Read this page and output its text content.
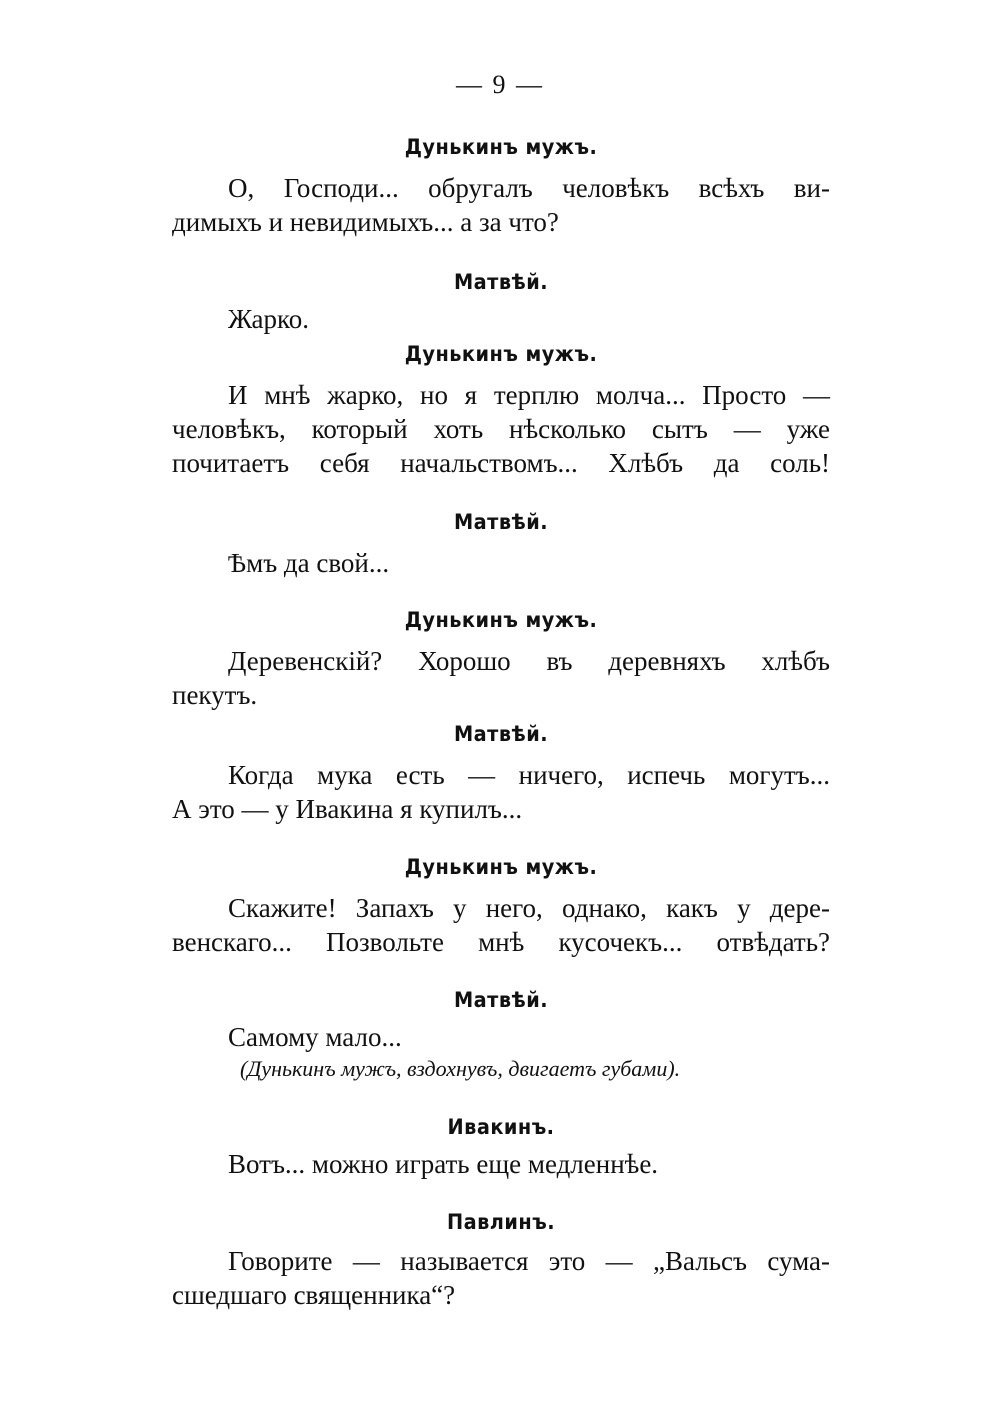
— 9 —
Дунькинъ мужъ.
О, Господи... обругалъ человѣкъ всѣхъ ви-
димыхъ и невидимыхъ... а за что?
Матвѣй.
Жарко.
Дунькинъ мужъ.
И мнѣ жарко, но я терплю молча... Просто —
человѣкъ, который хоть нѣсколько сытъ — уже
почитаетъ себя начальствомъ... Хлѣбъ да соль!
Матвѣй.
Ѣмъ да свой...
Дунькинъ мужъ.
Деревенскій? Хорошо въ деревняхъ хлѣбъ
пекутъ.
Матвѣй.
Когда мука есть — ничего, испечь могутъ...
А это — у Ивакина я купилъ...
Дунькинъ мужъ.
Скажите! Запахъ у него, однако, какъ у дере-
венскаго... Позвольте мнѣ кусочекъ... отвѣдать?
Матвѣй.
Самому мало...
(Дунькинъ мужъ, вздохнувъ, двигаетъ губами).
Ивакинъ.
Вотъ... можно играть еще медленнѣе.
Павлинъ.
Говорите — называется это — „Вальсъ сума-
сшедшаго священника“?
